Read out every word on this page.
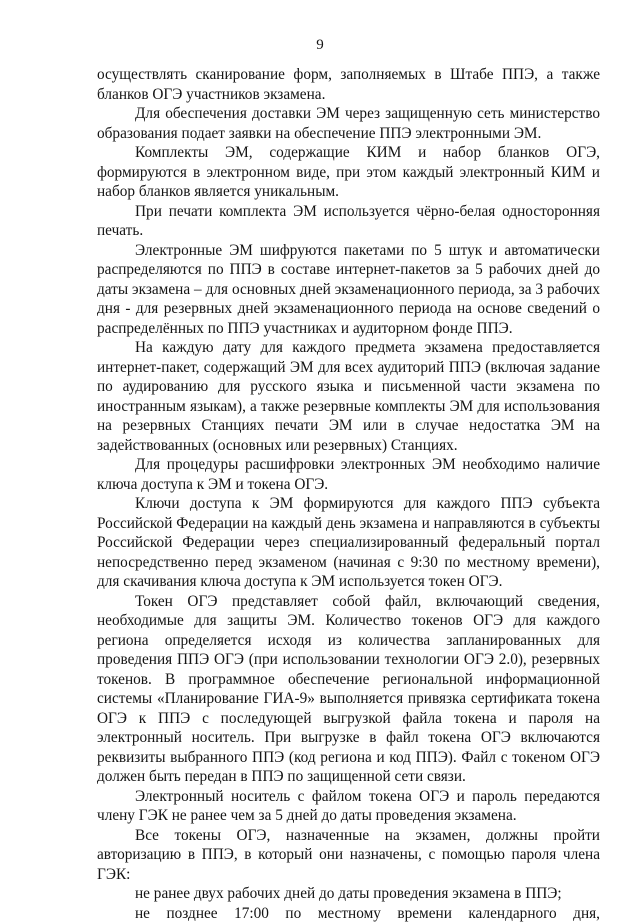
9

осуществлять сканирование форм, заполняемых в Штабе ППЭ, а также бланков ОГЭ участников экзамена.

Для обеспечения доставки ЭМ через защищенную сеть министерство образования подает заявки на обеспечение ППЭ электронными ЭМ.

Комплекты ЭМ, содержащие КИМ и набор бланков ОГЭ, формируются в электронном виде, при этом каждый электронный КИМ и набор бланков является уникальным.

При печати комплекта ЭМ используется чёрно-белая односторонняя печать.

Электронные ЭМ шифруются пакетами по 5 штук и автоматически распределяются по ППЭ в составе интернет-пакетов за 5 рабочих дней до даты экзамена – для основных дней экзаменационного периода, за 3 рабочих дня - для резервных дней экзаменационного периода на основе сведений о распределённых по ППЭ участниках и аудиторном фонде ППЭ.

На каждую дату для каждого предмета экзамена предоставляется интернет-пакет, содержащий ЭМ для всех аудиторий ППЭ (включая задание по аудированию для русского языка и письменной части экзамена по иностранным языкам), а также резервные комплекты ЭМ для использования на резервных Станциях печати ЭМ или в случае недостатка ЭМ на задействованных (основных или резервных) Станциях.

Для процедуры расшифровки электронных ЭМ необходимо наличие ключа доступа к ЭМ и токена ОГЭ.

Ключи доступа к ЭМ формируются для каждого ППЭ субъекта Российской Федерации на каждый день экзамена и направляются в субъекты Российской Федерации через специализированный федеральный портал непосредственно перед экзаменом (начиная с 9:30 по местному времени), для скачивания ключа доступа к ЭМ используется токен ОГЭ.

Токен ОГЭ представляет собой файл, включающий сведения, необходимые для защиты ЭМ. Количество токенов ОГЭ для каждого региона определяется исходя из количества запланированных для проведения ППЭ ОГЭ (при использовании технологии ОГЭ 2.0), резервных токенов. В программное обеспечение региональной информационной системы «Планирование ГИА-9» выполняется привязка сертификата токена ОГЭ к ППЭ с последующей выгрузкой файла токена и пароля на электронный носитель. При выгрузке в файл токена ОГЭ включаются реквизиты выбранного ППЭ (код региона и код ППЭ). Файл с токеном ОГЭ должен быть передан в ППЭ по защищенной сети связи.

Электронный носитель с файлом токена ОГЭ и пароль передаются члену ГЭК не ранее чем за 5 дней до даты проведения экзамена.

Все токены ОГЭ, назначенные на экзамен, должны пройти авторизацию в ППЭ, в который они назначены, с помощью пароля члена ГЭК:

не ранее двух рабочих дней до даты проведения экзамена в ППЭ;

не позднее 17:00 по местному времени календарного дня,
